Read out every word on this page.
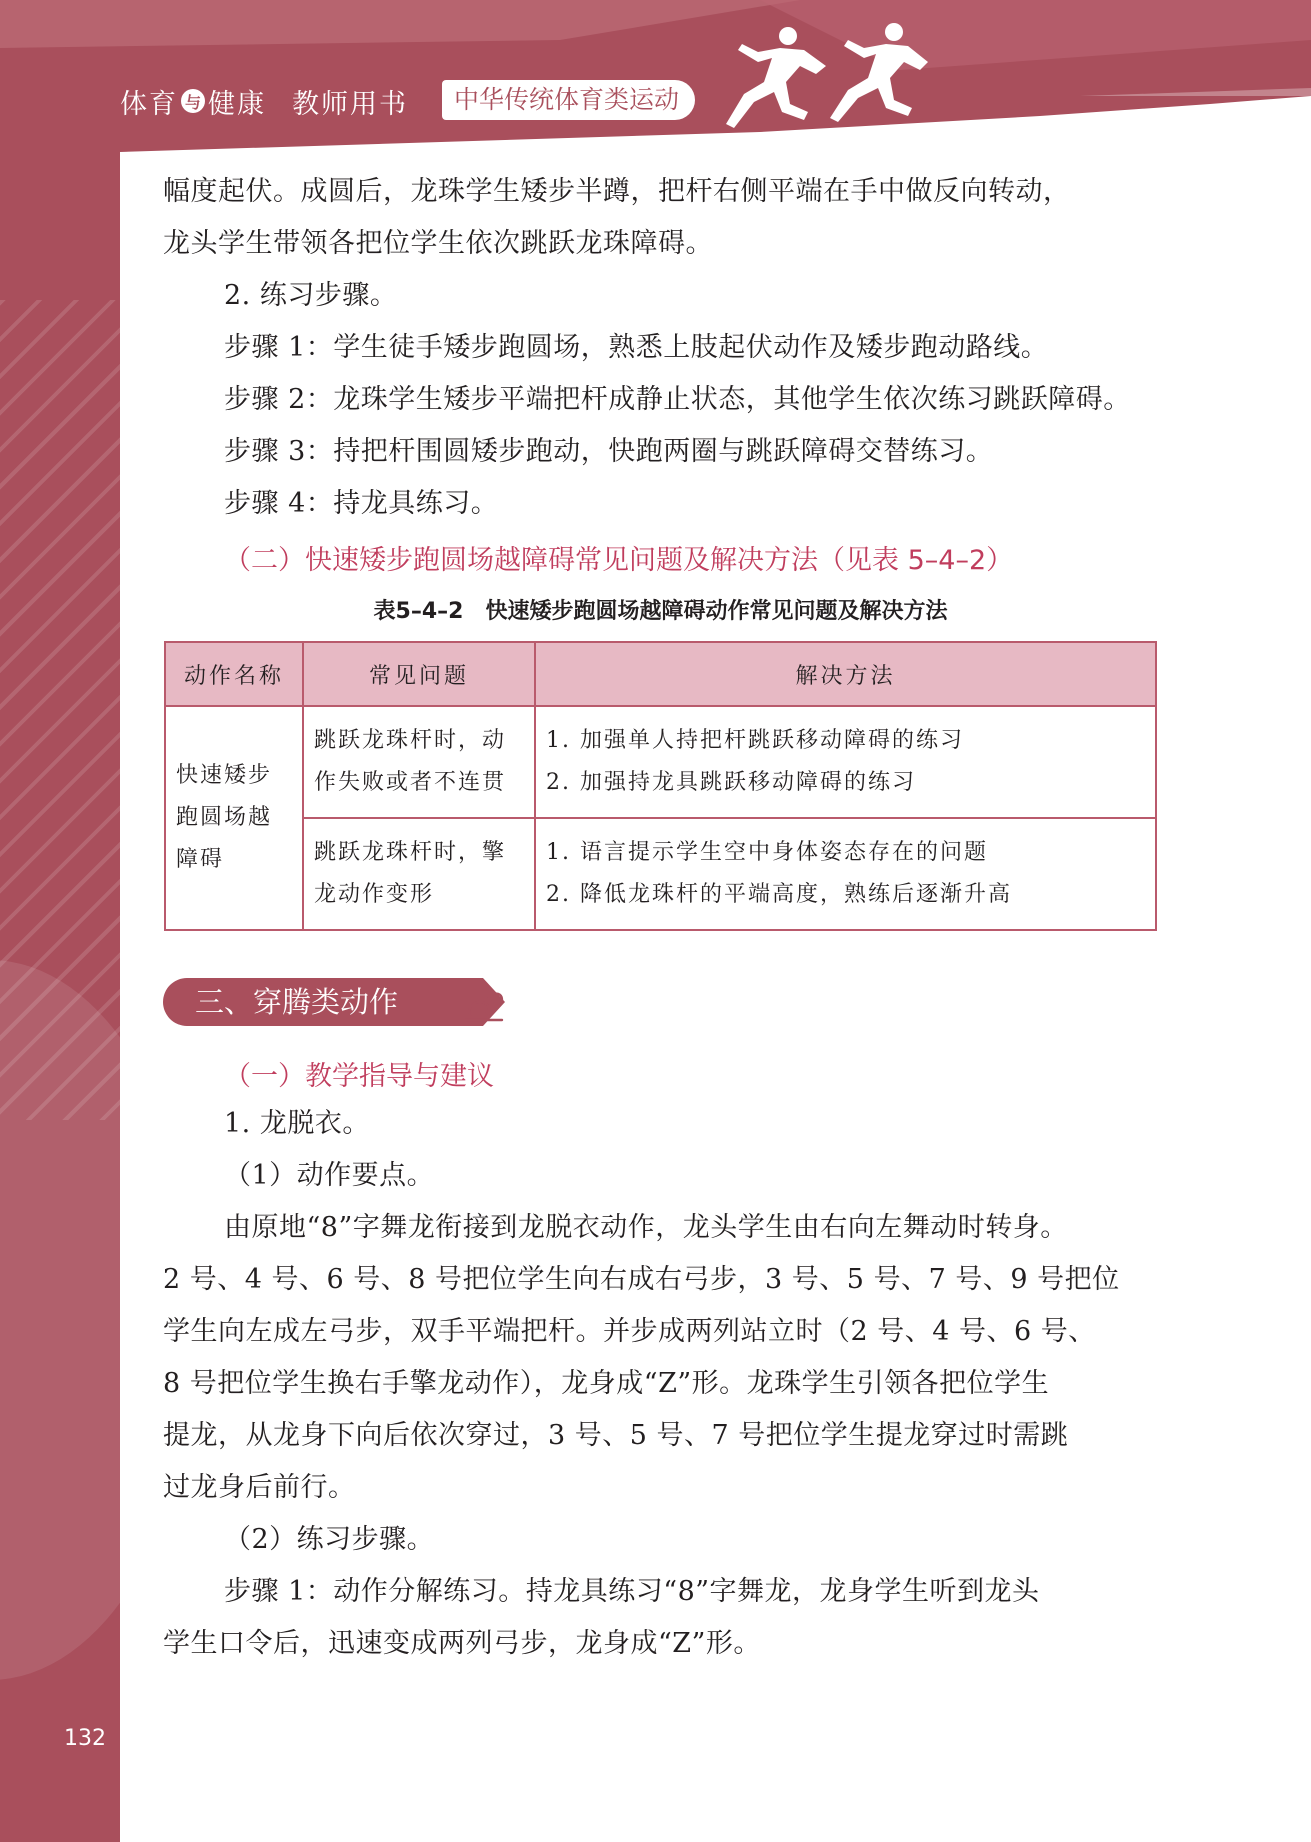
体育 与 健康 教师用书	中华传统体育类运动
幅度起伏。成圆后，龙珠学生矮步半蹲，把杆右侧平端在手中做反向转动，
龙头学生带领各把位学生依次跳跃龙珠障碍。
2. 练习步骤。
步骤 1：学生徒手矮步跑圆场，熟悉上肢起伏动作及矮步跑动路线。
步骤 2：龙珠学生矮步平端把杆成静止状态，其他学生依次练习跳跃障碍。
步骤 3：持把杆围圆矮步跑动，快跑两圈与跳跃障碍交替练习。
步骤 4：持龙具练习。
（二）快速矮步跑圆场越障碍常见问题及解决方法（见表 5–4–2）
表5–4–2　快速矮步跑圆场越障碍动作常见问题及解决方法
动作名称	常见问题	解决方法
快速矮步跑圆场越障碍	跳跃龙珠杆时，动作失败或者不连贯	1. 加强单人持把杆跳跃移动障碍的练习
2. 加强持龙具跳跃移动障碍的练习

	跳跃龙珠杆时，擎龙动作变形	1. 语言提示学生空中身体姿态存在的问题
2. 降低龙珠杆的平端高度，熟练后逐渐升高
三、穿腾类动作
（一）教学指导与建议
1. 龙脱衣。
（1）动作要点。
由原地“8”字舞龙衔接到龙脱衣动作，龙头学生由右向左舞动时转身。
2 号、4 号、6 号、8 号把位学生向右成右弓步，3 号、5 号、7 号、9 号把位
学生向左成左弓步，双手平端把杆。并步成两列站立时（2 号、4 号、6 号、
8 号把位学生换右手擎龙动作），龙身成“Z”形。龙珠学生引领各把位学生
提龙，从龙身下向后依次穿过，3 号、5 号、7 号把位学生提龙穿过时需跳
过龙身后前行。
（2）练习步骤。
步骤 1：动作分解练习。持龙具练习“8”字舞龙，龙身学生听到龙头
学生口令后，迅速变成两列弓步，龙身成“Z”形。
132
